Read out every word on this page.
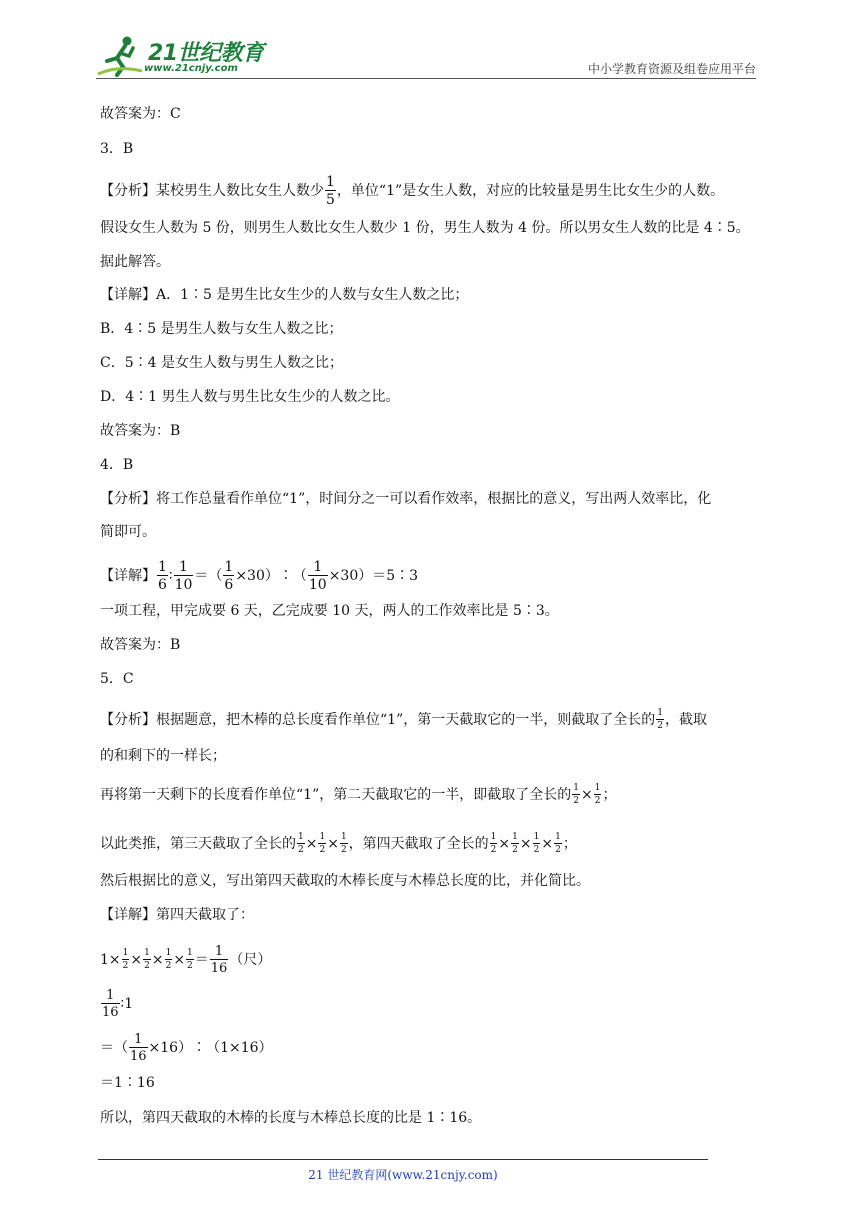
21世纪教育
www.21cnjy.com	中小学教育资源及组卷应用平台
故答案为：C
3．B
【分析】某校男生人数比女生人数少 $\frac{1}{5}$ ，单位“1”是女生人数，对应的比较量是男生比女生少的人数。
假设女生人数为 5 份，则男生人数比女生人数少 1 份，男生人数为 4 份。所以男女生人数的比是 4∶5。
据此解答。
【详解】A．1∶5 是男生比女生少的人数与女生人数之比；
B．4∶5 是男生人数与女生人数之比；
C．5∶4 是女生人数与男生人数之比；
D．4∶1 男生人数与男生比女生少的人数之比。
故答案为：B
4．B
【分析】将工作总量看作单位“1”，时间分之一可以看作效率，根据比的意义，写出两人效率比，化
简即可。
【详解】 $\frac{1}{6}$ ∶ $\frac{1}{10}$ ＝（ $\frac{1}{6}$ ×30）∶（ $\frac{1}{10}$ ×30）＝5∶3
一项工程，甲完成要 6 天，乙完成要 10 天，两人的工作效率比是 5∶3。
故答案为：B
5．C
【分析】根据题意，把木棒的总长度看作单位“1”，第一天截取它的一半，则截取了全长的 $\frac{1}{2}$ ，截取
的和剩下的一样长；
再将第一天剩下的长度看作单位“1”，第二天截取它的一半，即截取了全长的 $\frac{1}{2} \times \frac{1}{2}$ ；
以此类推，第三天截取了全长的 $\frac{1}{2} \times \frac{1}{2} \times \frac{1}{2}$ ，第四天截取了全长的 $\frac{1}{2} \times \frac{1}{2} \times \frac{1}{2} \times \frac{1}{2}$ ；
然后根据比的意义，写出第四天截取的木棒长度与木棒总长度的比，并化简比。
【详解】第四天截取了：
$1\times \frac{1}{2} \times \frac{1}{2} \times \frac{1}{2} \times \frac{1}{2} = \frac{1}{16}$ （尺）
$\frac{1}{16}$ ∶1
＝（ $\frac{1}{16}$ ×16）∶（1×16）
＝1∶16
所以，第四天截取的木棒的长度与木棒总长度的比是 1∶16。
21 世纪教育网(www.21cnjy.com)
